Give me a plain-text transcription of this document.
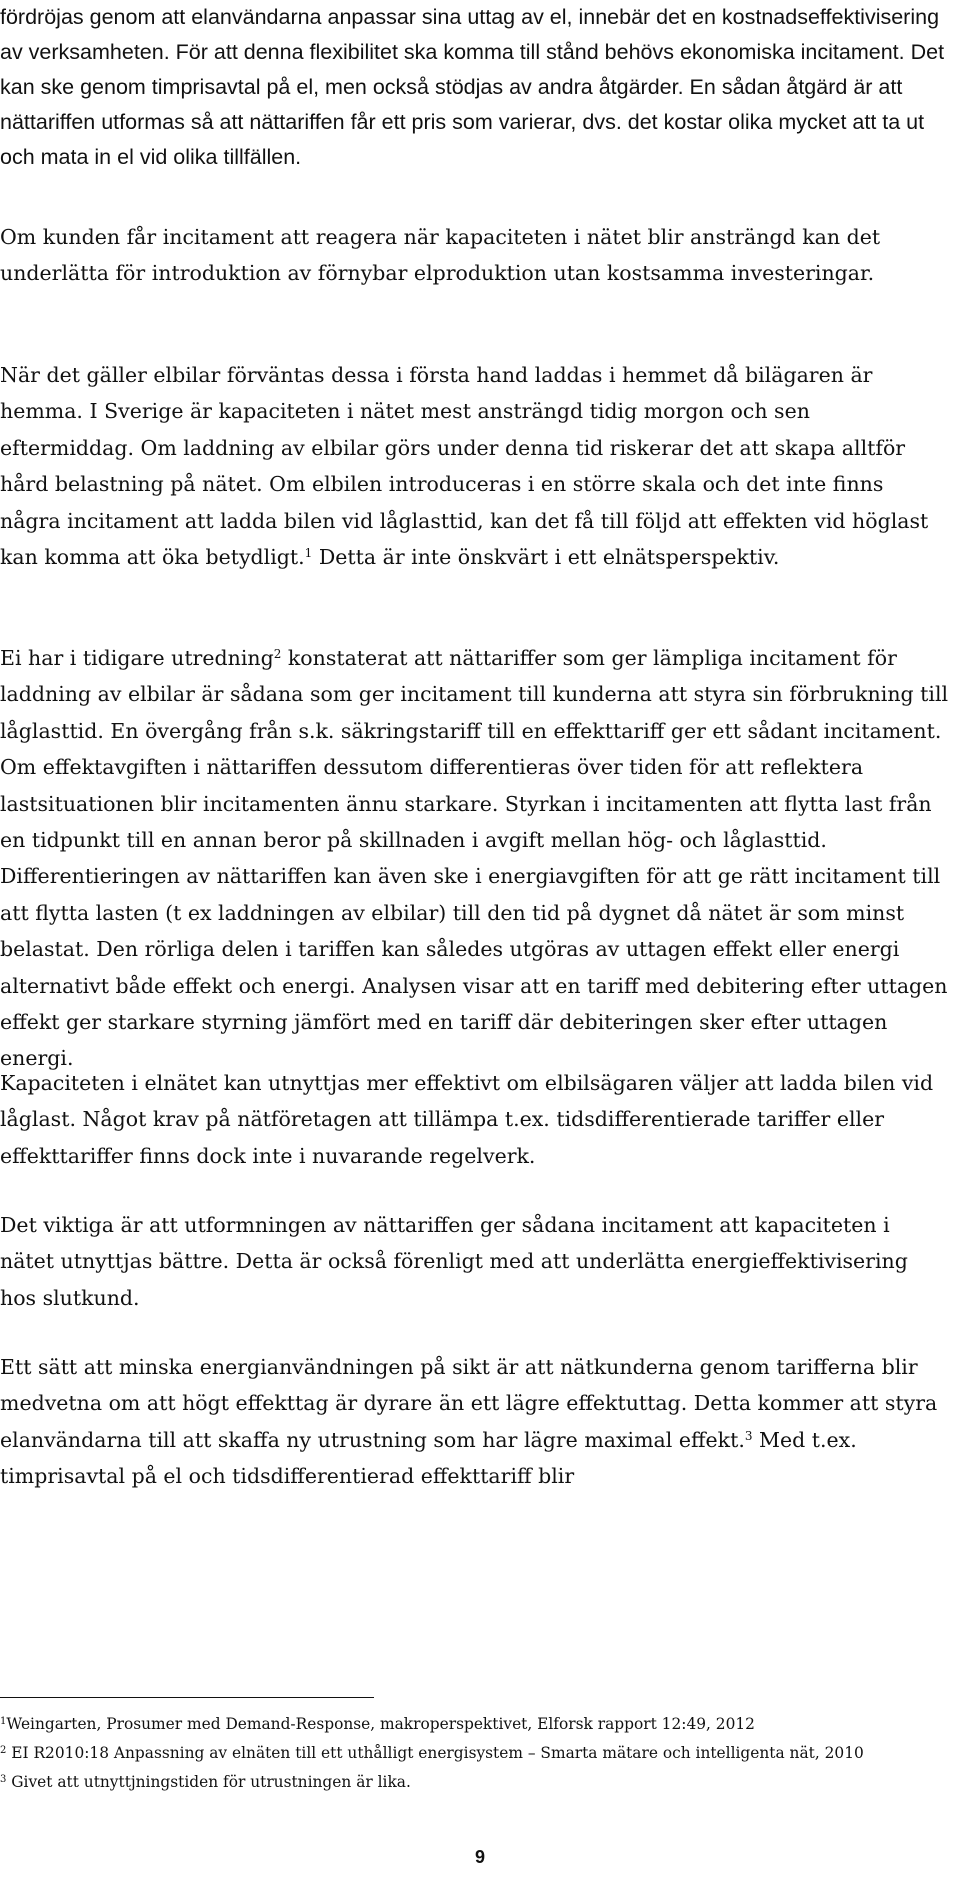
fördröjas genom att elanvändarna anpassar sina uttag av el, innebär det en kostnadseffektivisering av verksamheten. För att denna flexibilitet ska komma till stånd behövs ekonomiska incitament. Det kan ske genom timprisavtal på el, men också stödjas av andra åtgärder. En sådan åtgärd är att nättariffen utformas så att nättariffen får ett pris som varierar, dvs. det kostar olika mycket att ta ut och mata in el vid olika tillfällen.

Om kunden får incitament att reagera när kapaciteten i nätet blir ansträngd kan det underlätta för introduktion av förnybar elproduktion utan kostsamma investeringar.

När det gäller elbilar förväntas dessa i första hand laddas i hemmet då bilägaren är hemma. I Sverige är kapaciteten i nätet mest ansträngd tidig morgon och sen eftermiddag. Om laddning av elbilar görs under denna tid riskerar det att skapa alltför hård belastning på nätet. Om elbilen introduceras i en större skala och det inte finns några incitament att ladda bilen vid låglasttid, kan det få till följd att effekten vid höglast kan komma att öka betydligt.$^1$ Detta är inte önskvärt i ett elnätsperspektiv.

Ei har i tidigare utredning$^2$ konstaterat att nättariffer som ger lämpliga incitament för laddning av elbilar är sådana som ger incitament till kunderna att styra sin förbrukning till låglasttid. En övergång från s.k. säkringstariff till en effekttariff ger ett sådant incitament. Om effektavgiften i nättariffen dessutom differentieras över tiden för att reflektera lastsituationen blir incitamenten ännu starkare. Styrkan i incitamenten att flytta last från en tidpunkt till en annan beror på skillnaden i avgift mellan hög- och låglasttid. Differentieringen av nättariffen kan även ske i energiavgiften för att ge rätt incitament till att flytta lasten (t ex laddningen av elbilar) till den tid på dygnet då nätet är som minst belastat. Den rörliga delen i tariffen kan således utgöras av uttagen effekt eller energi alternativt både effekt och energi. Analysen visar att en tariff med debitering efter uttagen effekt ger starkare styrning jämfört med en tariff där debiteringen sker efter uttagen energi.

Kapaciteten i elnätet kan utnyttjas mer effektivt om elbilsägaren väljer att ladda bilen vid låglast. Något krav på nätföretagen att tillämpa t.ex. tidsdifferentierade tariffer eller effekttariffer finns dock inte i nuvarande regelverk.

Det viktiga är att utformningen av nättariffen ger sådana incitament att kapaciteten i nätet utnyttjas bättre. Detta är också förenligt med att underlätta energieffektivisering hos slutkund.

Ett sätt att minska energianvändningen på sikt är att nätkunderna genom tarifferna blir medvetna om att högt effekttag är dyrare än ett lägre effektuttag. Detta kommer att styra elanvändarna till att skaffa ny utrustning som har lägre maximal effekt.$^3$ Med t.ex. timprisavtal på el och tidsdifferentierad effekttariff blir

$^1$Weingarten, Prosumer med Demand-Response, makroperspektivet, Elforsk rapport 12:49, 2012

$^2$ EI R2010:18 Anpassning av elnäten till ett uthålligt energisystem – Smarta mätare och intelligenta nät, 2010

$^3$ Givet att utnyttjningstiden för utrustningen är lika.

9
